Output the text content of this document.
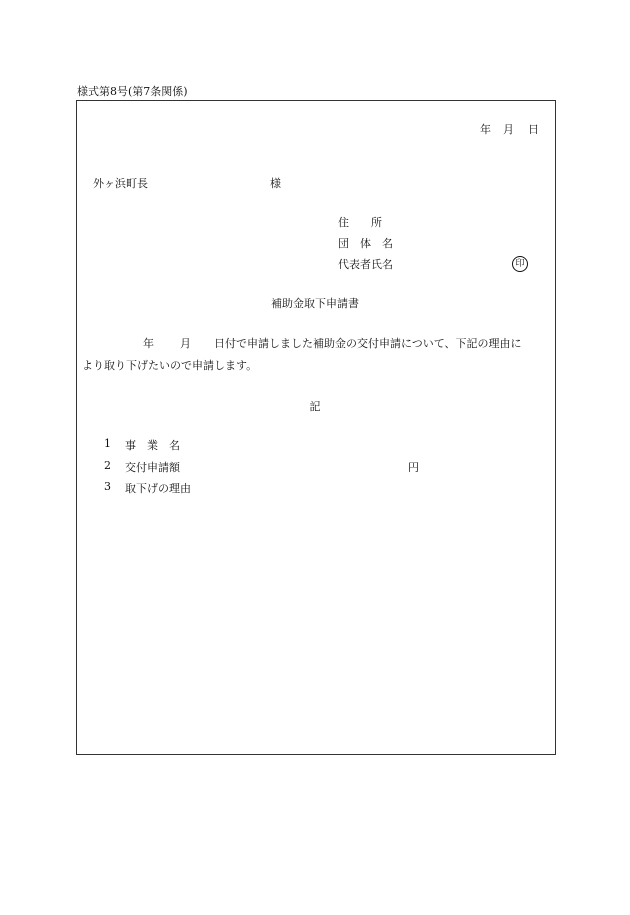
様式第8号(第7条関係)
年 月 日
外ヶ浜町長	様
住　　所
団　体　名
代表者氏名	印
補助金取下申請書
年 月 日付で申請しました補助金の交付申請について、下記の理由に
より取り下げたいので申請します。
記
1 事　業　名
2 交付申請額	円
3 取下げの理由
